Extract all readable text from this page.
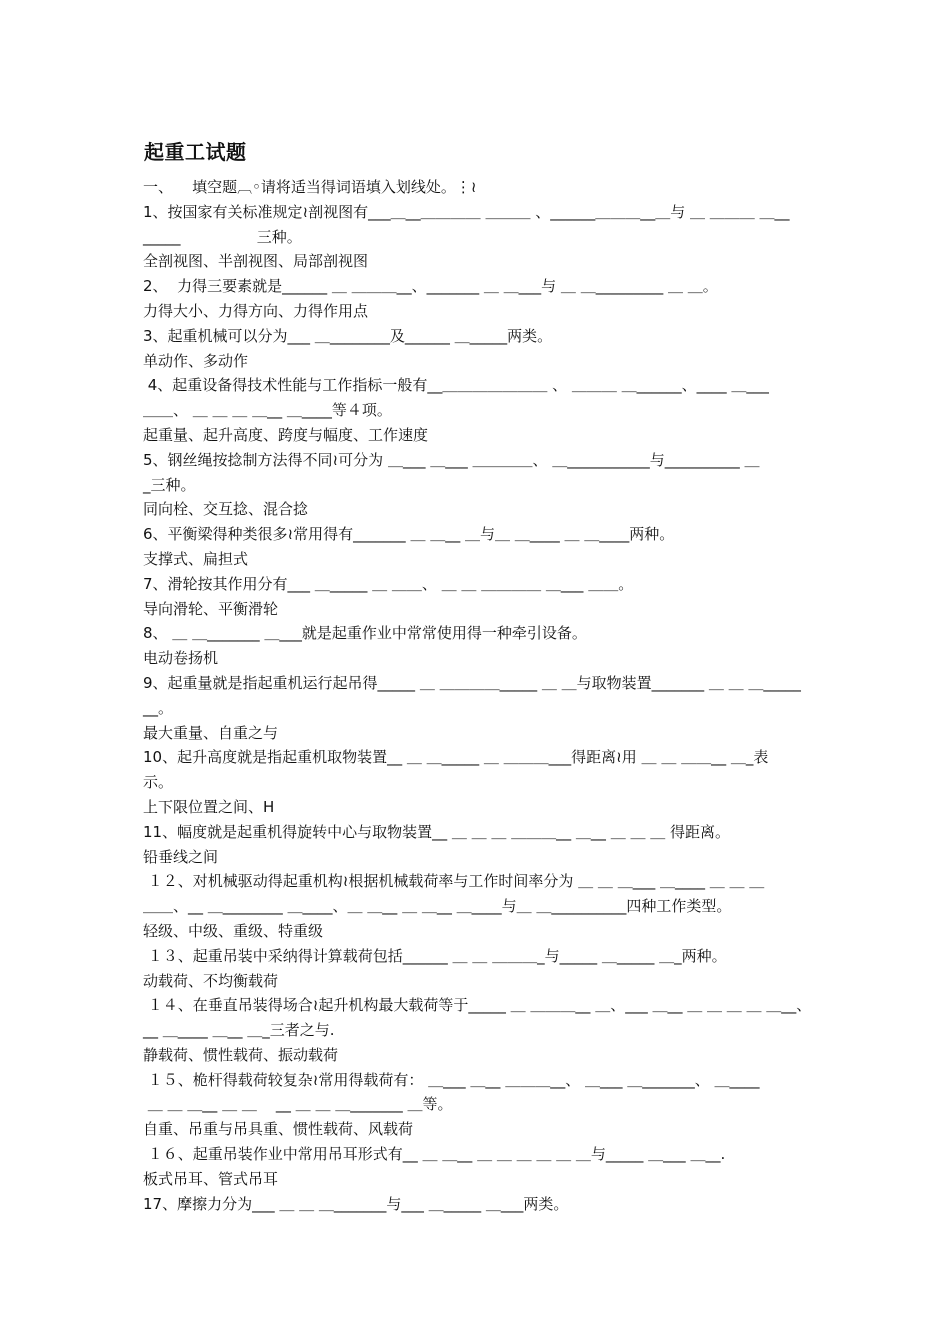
起重工试题
一、    填空题︹◦请将适当得词语填入划线处。⋮≀
1、按国家有关标准规定≀剖视图有___＿__＿＿＿＿ ＿＿＿ 、______＿＿＿__＿与 ＿ ＿＿＿ ＿__
_____                三种。
全剖视图、半剖视图、局部剖视图
2、  力得三要素就是______ ＿ ＿＿＿__、_______ ＿ ＿___与 ＿ ＿_________ ＿ ＿。
力得大小、力得方向、力得作用点
3、起重机械可以分为___ ＿________及______ ＿_____两类。
单动作、多动作
4、起重设备得技术性能与工作指标一般有__＿＿＿＿＿＿＿ 、 ＿＿＿ ＿______、____ ＿___
＿＿、 ＿ ＿ ＿ ＿__ ＿____等４项。
起重量、起升高度、跨度与幅度、工作速度
5、钢丝绳按捻制方法得不同≀可分为 ＿___ ＿___ ＿＿＿＿、 ＿___________与__________ ＿
_三种。
同向栓、交互捻、混合捻
6、平衡梁得种类很多≀常用得有_______ ＿ ＿__ ＿与＿ ＿____ ＿ ＿____两种。
支撑式、扁担式
7、滑轮按其作用分有___ ＿_____ ＿ ＿＿、 ＿ ＿ ＿＿＿＿ ＿___ ＿＿。
导向滑轮、平衡滑轮
8、 ＿ ＿_______ ＿___就是起重作业中常常使用得一种牵引设备。
电动卷扬机
9、起重量就是指起重机运行起吊得_____ ＿ ＿＿＿＿_____ ＿ ＿与取物装置_______ ＿ ＿ ＿_____
__。
最大重量、自重之与
10、起升高度就是指起重机取物装置__ ＿ ＿_____ ＿ ＿＿＿___得距离≀用 ＿ ＿ ＿＿__ ＿_表
示。
上下限位置之间、H
11、幅度就是起重机得旋转中心与取物装置__ ＿ ＿ ＿ ＿＿＿__ ＿__ ＿ ＿ ＿ 得距离。
铅垂线之间
１２、对机械驱动得起重机构≀根据机械载荷率与工作时间率分为 ＿ ＿ ＿___ ＿____ ＿ ＿ ＿
＿＿、__ ＿________ ＿____、＿ ＿__ ＿ ＿__ ＿____与＿ ＿__________四种工作类型。
轻级、中级、重级、特重级
１３、起重吊装中采纳得计算载荷包括______ ＿ ＿ ＿＿＿_与_____ ＿_____ ＿_两种。
动载荷、不均衡载荷
１４、在垂直吊装得场合≀起升机构最大载荷等于_____ ＿ ＿＿＿__ ＿、___ ＿__ ＿ ＿ ＿ ＿ ＿__、
__ ＿____ ＿__ ＿_三者之与.
静载荷、惯性载荷、振动载荷
１５、桅杆得载荷较复杂≀常用得载荷有： ＿___ ＿__ ＿＿＿__、 ＿___ ＿_______、 ＿____
＿ ＿ ＿__ ＿ ＿    __ ＿ ＿ ＿_______ ＿等。
自重、吊重与吊具重、惯性载荷、风载荷
１６、起重吊装作业中常用吊耳形式有__ ＿ ＿__ ＿ ＿ ＿ ＿ ＿ ＿与_____ ＿___ ＿__.
板式吊耳、管式吊耳
17、摩擦力分为___ ＿ ＿ ＿_______与___ ＿_____ ＿___两类。
